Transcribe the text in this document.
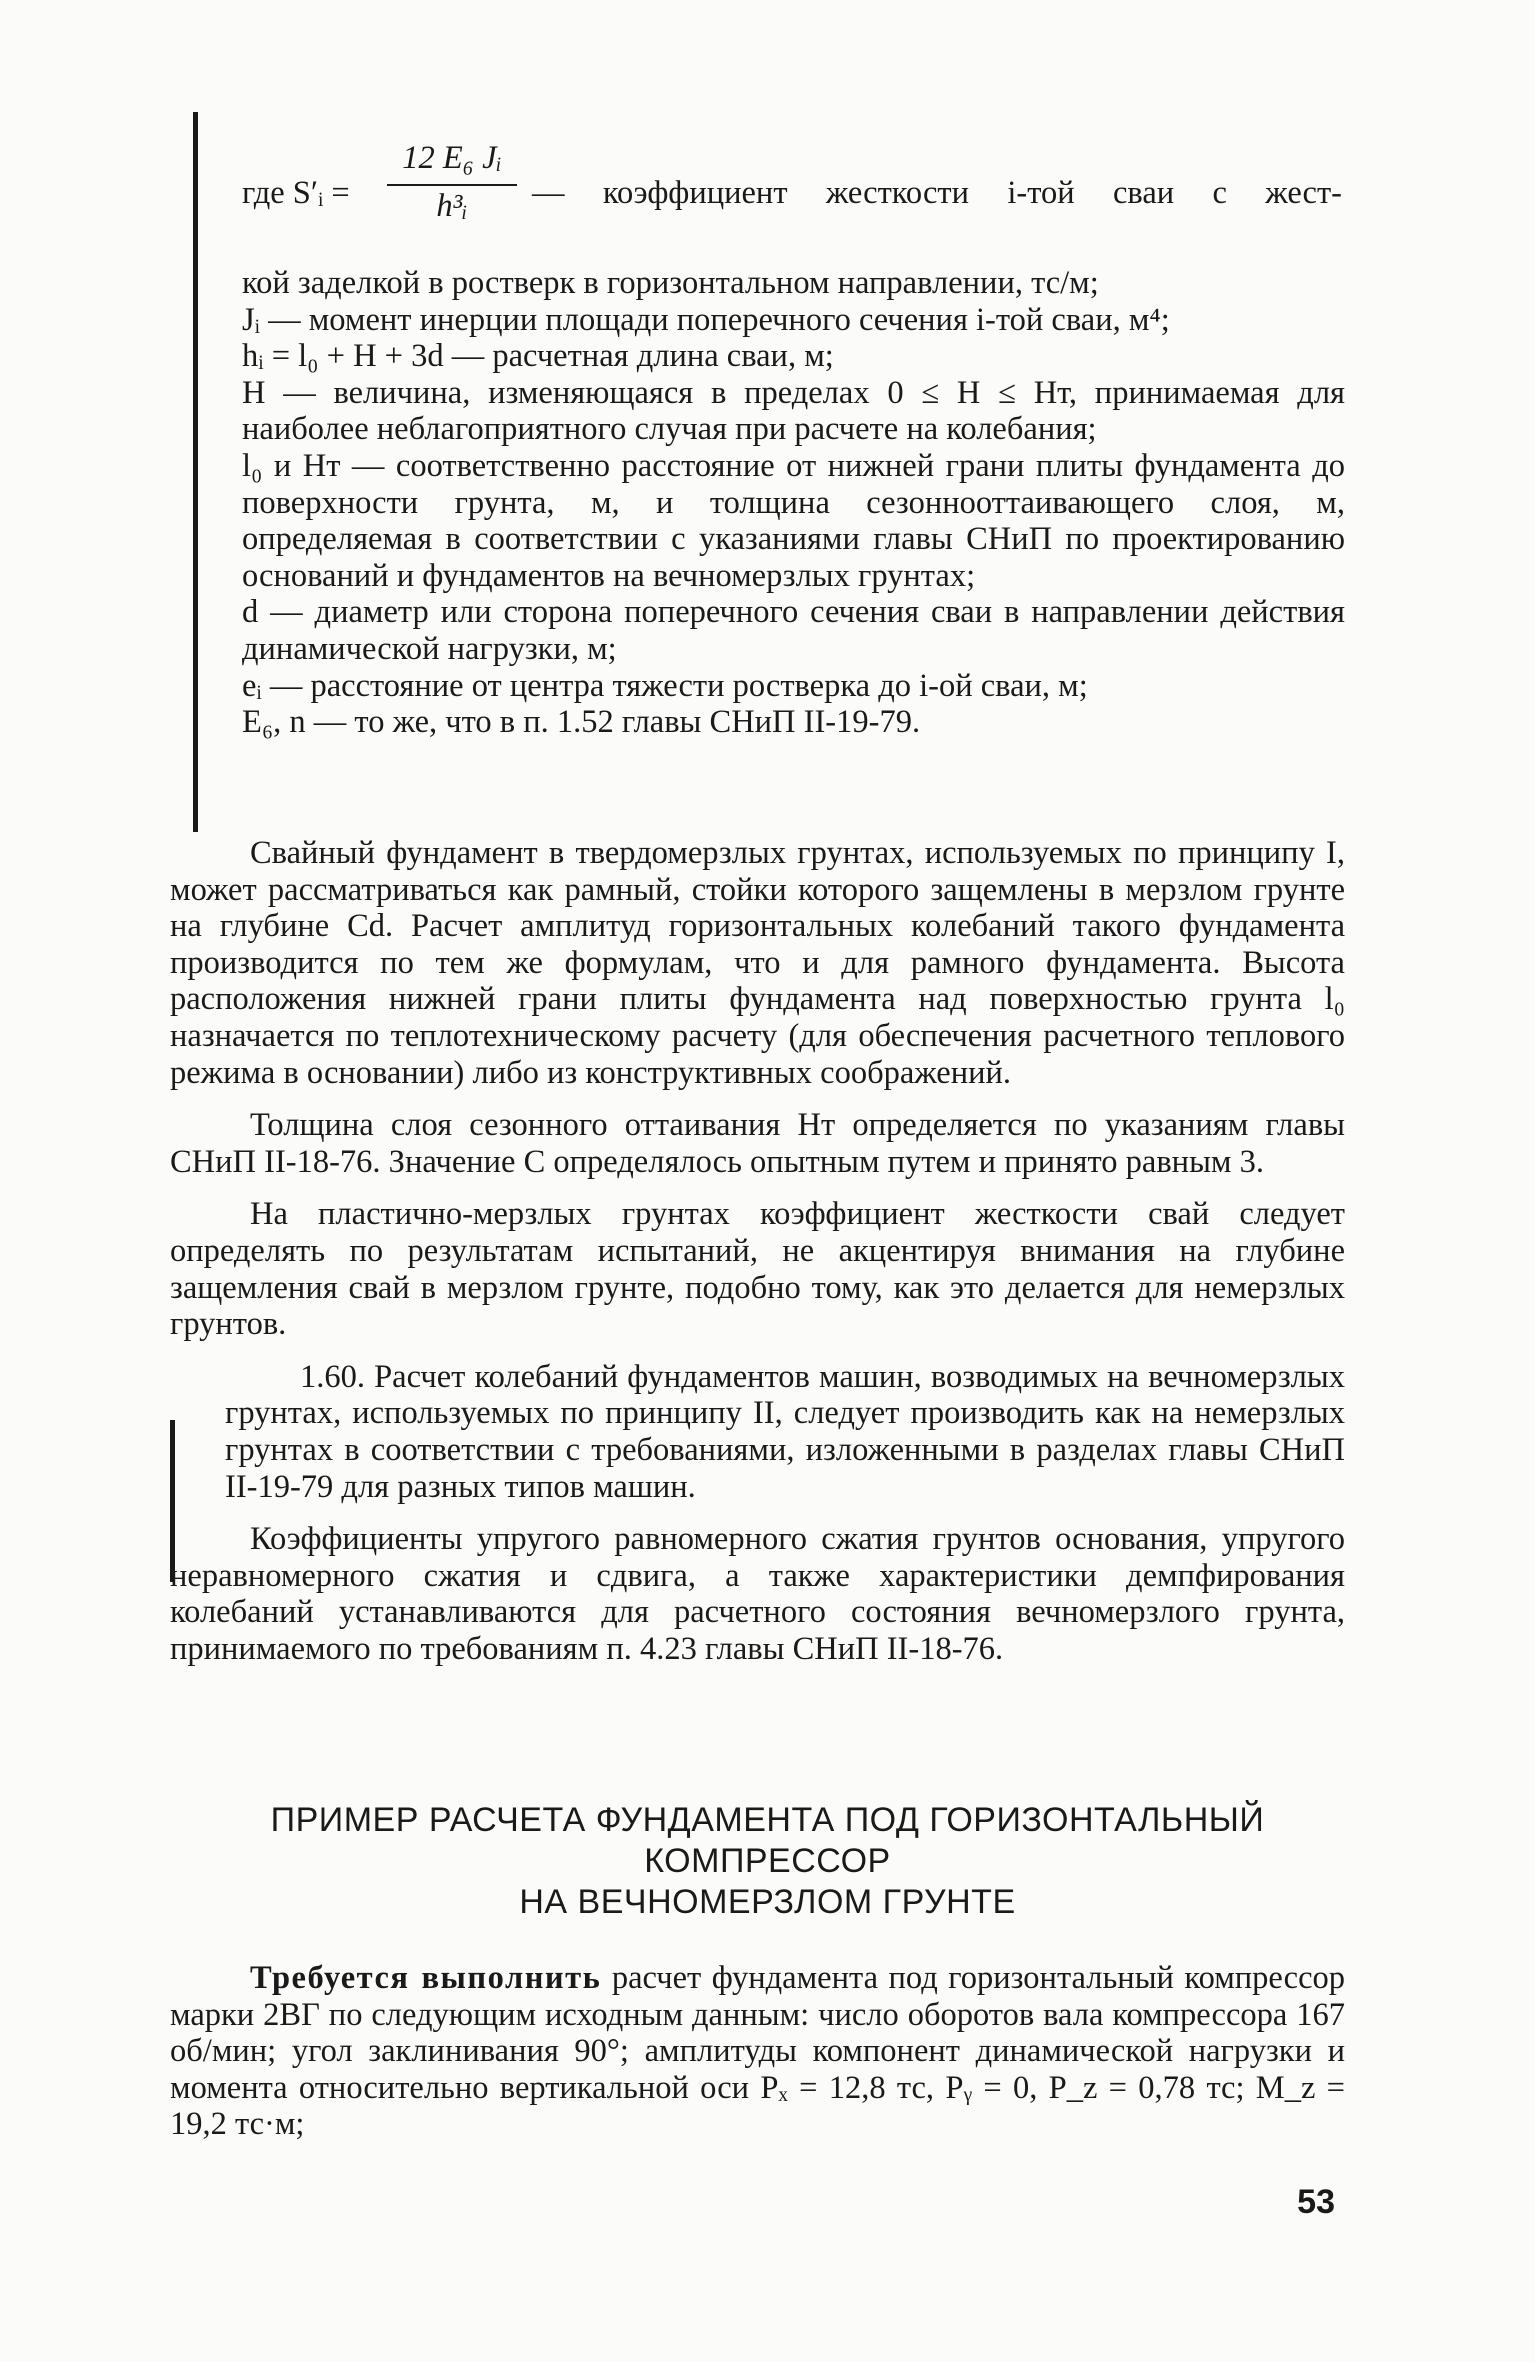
где S′ᵢ =
12 E₆ Jᵢ
h³ᵢ	— коэффициент жесткости i-той сваи с жест-

кой заделкой в ростверк в горизонтальном направлении, тс/м;

Jᵢ — момент инерции площади поперечного сечения i-той сваи, м⁴;

hᵢ = l₀ + H + 3d — расчетная длина сваи, м;

H — величина, изменяющаяся в пределах 0 ≤ H ≤ Hт, принимаемая для наиболее неблагоприятного случая при расчете на колебания;

l₀ и Hт — соответственно расстояние от нижней грани плиты фундамента до поверхности грунта, м, и толщина сезоннооттаивающего слоя, м, определяемая в соответствии с указаниями главы СНиП по проектированию оснований и фундаментов на вечномерзлых грунтах;

d — диаметр или сторона поперечного сечения сваи в направлении действия динамической нагрузки, м;

eᵢ — расстояние от центра тяжести ростверка до i-ой сваи, м;

E₆, n — то же, что в п. 1.52 главы СНиП II-19-79.

Свайный фундамент в твердомерзлых грунтах, используемых по принципу I, может рассматриваться как рамный, стойки которого защемлены в мерзлом грунте на глубине Cd. Расчет амплитуд горизонтальных колебаний такого фундамента производится по тем же формулам, что и для рамного фундамента. Высота расположения нижней грани плиты фундамента над поверхностью грунта l₀ назначается по теплотехническому расчету (для обеспечения расчетного теплового режима в основании) либо из конструктивных соображений.

Толщина слоя сезонного оттаивания Hт определяется по указаниям главы СНиП II-18-76. Значение C определялось опытным путем и принято равным 3.

На пластично-мерзлых грунтах коэффициент жесткости свай следует определять по результатам испытаний, не акцентируя внимания на глубине защемления свай в мерзлом грунте, подобно тому, как это делается для немерзлых грунтов.

1.60. Расчет колебаний фундаментов машин, возводимых на вечномерзлых грунтах, используемых по принципу II, следует производить как на немерзлых грунтах в соответствии с требованиями, изложенными в разделах главы СНиП II-19-79 для разных типов машин.

Коэффициенты упругого равномерного сжатия грунтов основания, упругого неравномерного сжатия и сдвига, а также характеристики демпфирования колебаний устанавливаются для расчетного состояния вечномерзлого грунта, принимаемого по требованиям п. 4.23 главы СНиП II-18-76.

ПРИМЕР РАСЧЕТА ФУНДАМЕНТА ПОД ГОРИЗОНТАЛЬНЫЙ
КОМПРЕССОР
НА ВЕЧНОМЕРЗЛОМ ГРУНТЕ

Требуется выполнить расчет фундамента под горизонтальный компрессор марки 2ВГ по следующим исходным данным: число оборотов вала компрессора 167 об/мин; угол заклинивания 90°; амплитуды компонент динамической нагрузки и момента относительно вертикальной оси Pₓ = 12,8 тс, Pᵧ = 0, P_z = 0,78 тс; M_z = 19,2 тс·м;

53
